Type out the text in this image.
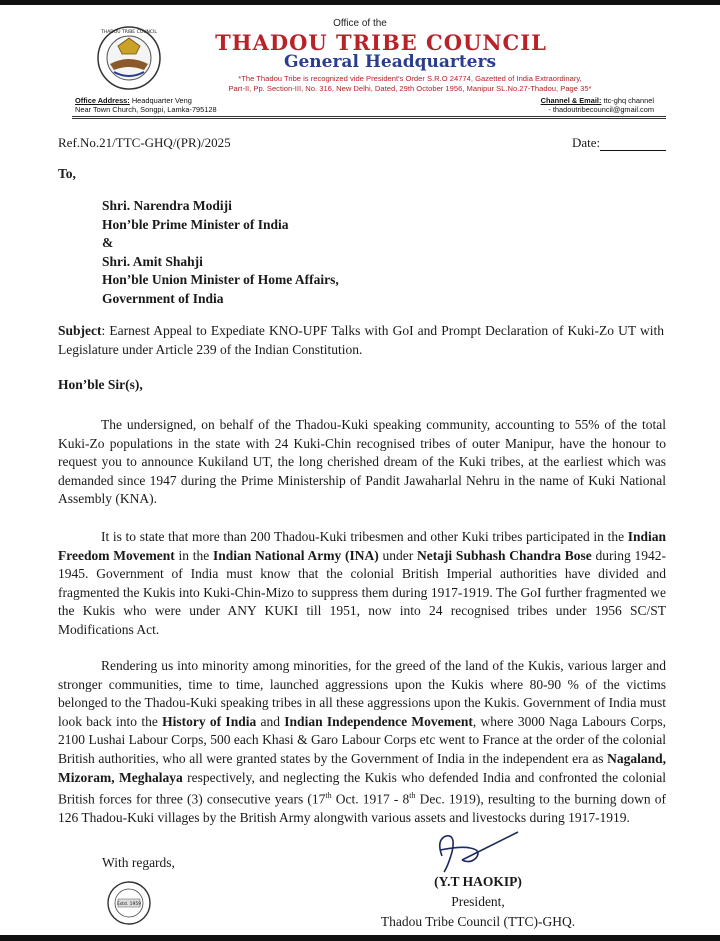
THADOU TRIBE COUNCIL
Office of the
THADOU TRIBE COUNCIL
General Headquarters
*The Thadou Tribe is recognized vide President's Order S.R.O 24774, Gazetted of India Extraordinary,
Part-II, Pp. Section-III, No. 316, New Delhi, Dated, 29th October 1956, Manipur SL.No.27-Thadou, Page 35*
Office Address: Headquarter Veng
Near Town Church, Songpi, Lamka-795128
Channel & Email: ttc-ghq channel
- thadoutribecouncil@gmail.com
Ref.No.21/TTC-GHQ/(PR)/2025	Date:
To,
Shri. Narendra Modiji
Hon’ble Prime Minister of India
&
Shri. Amit Shahji
Hon’ble Union Minister of Home Affairs,
Government of India
Subject: Earnest Appeal to Expediate KNO-UPF Talks with GoI and Prompt Declaration of Kuki-Zo UT with Legislature under Article 239 of the Indian Constitution.
Hon’ble Sir(s),
The undersigned, on behalf of the Thadou-Kuki speaking community, accounting to 55% of the total Kuki-Zo populations in the state with 24 Kuki-Chin recognised tribes of outer Manipur, have the honour to request you to announce Kukiland UT, the long cherished dream of the Kuki tribes, at the earliest which was demanded since 1947 during the Prime Ministership of Pandit Jawaharlal Nehru in the name of Kuki National Assembly (KNA).
It is to state that more than 200 Thadou-Kuki tribesmen and other Kuki tribes participated in the Indian Freedom Movement in the Indian National Army (INA) under Netaji Subhash Chandra Bose during 1942-1945. Government of India must know that the colonial British Imperial authorities have divided and fragmented the Kukis into Kuki-Chin-Mizo to suppress them during 1917-1919. The GoI further fragmented we the Kukis who were under ANY KUKI till 1951, now into 24 recognised tribes under 1956 SC/ST Modifications Act.
Rendering us into minority among minorities, for the greed of the land of the Kukis, various larger and stronger communities, time to time, launched aggressions upon the Kukis where 80-90 % of the victims belonged to the Thadou-Kuki speaking tribes in all these aggressions upon the Kukis. Government of India must look back into the History of India and Indian Independence Movement, where 3000 Naga Labours Corps, 2100 Lushai Labour Corps, 500 each Khasi & Garo Labour Corps etc went to France at the order of the colonial British authorities, who all were granted states by the Government of India in the independent era as Nagaland, Mizoram, Meghalaya respectively, and neglecting the Kukis who defended India and confronted the colonial British forces for three (3) consecutive years (17th Oct. 1917 - 8th Dec. 1919), resulting to the burning down of 126 Thadou-Kuki villages by the British Army alongwith various assets and livestocks during 1917-1919.
With regards,
Estd. 1959
(Y.T HAOKIP)
President,
Thadou Tribe Council (TTC)-GHQ.
